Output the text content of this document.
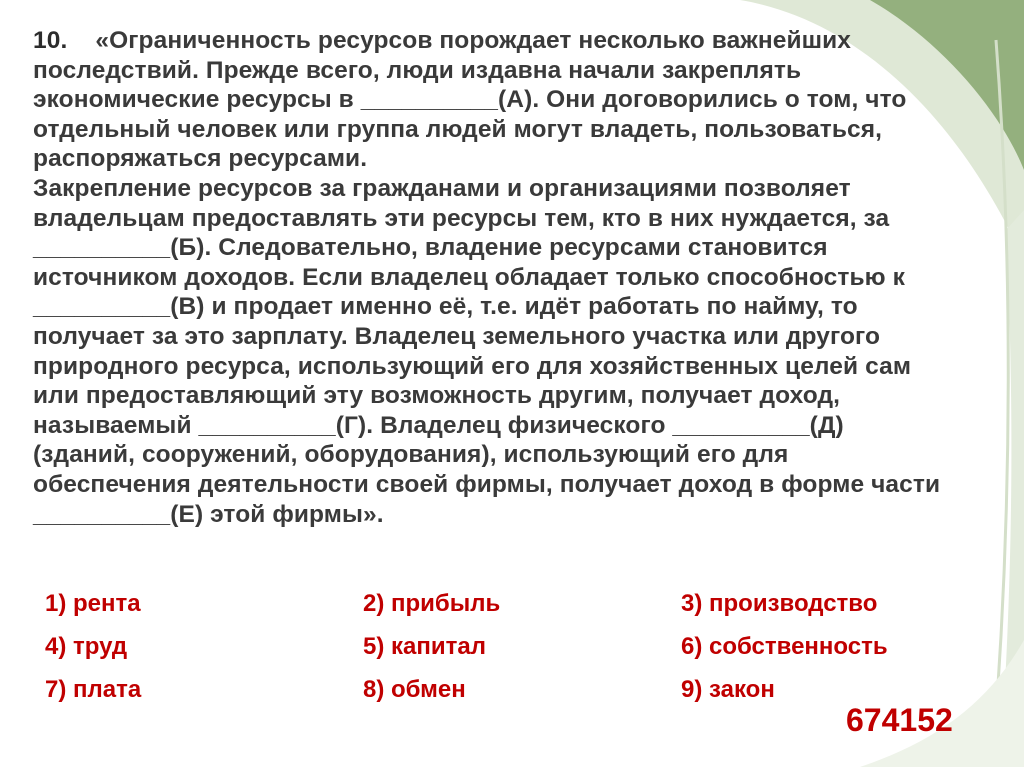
10. «Ограниченность ресурсов порождает несколько важнейших
последствий. Прежде всего, люди издавна начали закреплять
экономические ресурсы в __________(А). Они договорились о том, что
отдельный человек или группа людей могут владеть, пользоваться,
распоряжаться ресурсами.
Закрепление ресурсов за гражданами и организациями позволяет
владельцам предоставлять эти ресурсы тем, кто в них нуждается, за
__________(Б). Следовательно, владение ресурсами становится
источником доходов. Если владелец обладает только способностью к
__________(В) и продает именно её, т.е. идёт работать по найму, то
получает за это зарплату. Владелец земельного участка или другого
природного ресурса, использующий его для хозяйственных целей сам
или предоставляющий эту возможность другим, получает доход,
называемый __________(Г). Владелец физического __________(Д)
(зданий, сооружений, оборудования), использующий его для
обеспечения деятельности своей фирмы, получает доход в форме части
__________(Е) этой фирмы».

1) рента	2) прибыль	3) производство
4) труд	5) капитал	6) собственность
7) плата	8) обмен	9) закон
674152
